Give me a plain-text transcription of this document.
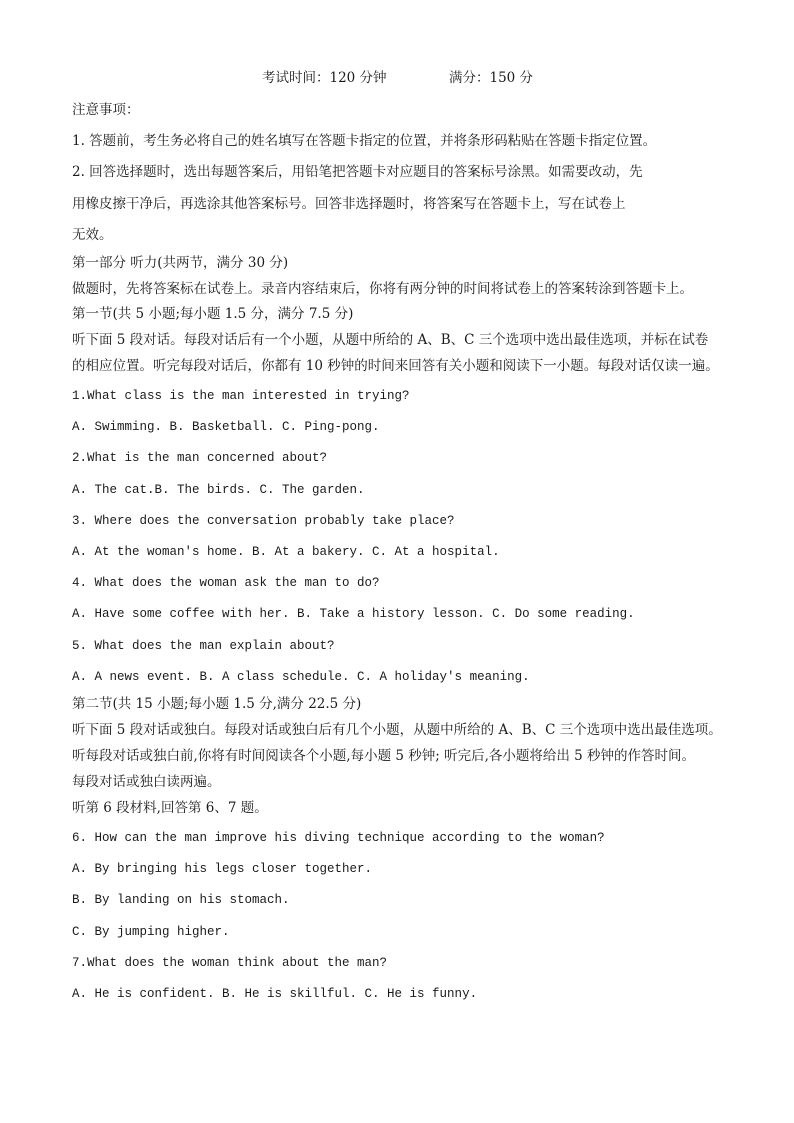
考试时间：120 分钟	满分：150 分
注意事项：
1. 答题前，考生务必将自己的姓名填写在答题卡指定的位置，并将条形码粘贴在答题卡指定位置。
2. 回答选择题时，选出每题答案后，用铅笔把答题卡对应题目的答案标号涂黑。如需要改动，先
用橡皮擦干净后，再选涂其他答案标号。回答非选择题时，将答案写在答题卡上，写在试卷上
无效。
第一部分 听力(共两节，满分 30 分)
做题时，先将答案标在试卷上。录音内容结束后，你将有两分钟的时间将试卷上的答案转涂到答题卡上。
第一节(共 5 小题;每小题 1.5 分，满分 7.5 分)
听下面 5 段对话。每段对话后有一个小题，从题中所给的 A、B、C 三个选项中选出最佳选项，并标在试卷
的相应位置。听完每段对话后，你都有 10 秒钟的时间来回答有关小题和阅读下一小题。每段对话仅读一遍。
1.What class is the man interested in trying?
A. Swimming. B. Basketball. C. Ping-pong.
2.What is the man concerned about?
A. The cat.B. The birds. C. The garden.
3. Where does the conversation probably take place?
A. At the woman's home. B. At a bakery. C. At a hospital.
4. What does the woman ask the man to do?
A. Have some coffee with her. B. Take a history lesson. C. Do some reading.
5. What does the man explain about?
A. A news event. B. A class schedule. C. A holiday's meaning.
第二节(共 15 小题;每小题 1.5 分,满分 22.5 分)
听下面 5 段对话或独白。每段对话或独白后有几个小题，从题中所给的 A、B、C 三个选项中选出最佳选项。
听每段对话或独白前,你将有时间阅读各个小题,每小题 5 秒钟; 听完后,各小题将给出 5 秒钟的作答时间。
每段对话或独白读两遍。
听第 6 段材料,回答第 6、7 题。
6. How can the man improve his diving technique according to the woman?
A. By bringing his legs closer together.
B. By landing on his stomach.
C. By jumping higher.
7.What does the woman think about the man?
A. He is confident. B. He is skillful. C. He is funny.
